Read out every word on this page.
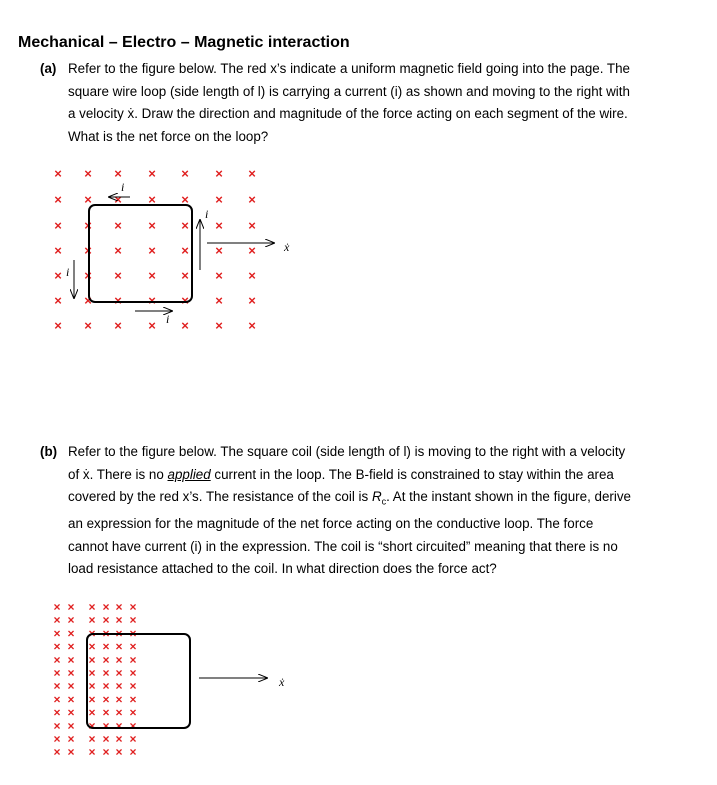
Mechanical – Electro – Magnetic interaction
(a) Refer to the figure below. The red x’s indicate a uniform magnetic field going into the page. The
square wire loop (side length of l) is carrying a current (i) as shown and moving to the right with
a velocity ẋ. Draw the direction and magnitude of the force acting on each segment of the wire.
What is the net force on the loop?
(b) Refer to the figure below. The square coil (side length of l) is moving to the right with a velocity
of ẋ. There is no applied current in the loop. The B-field is constrained to stay within the area
covered by the red x’s. The resistance of the coil is $R_c$. At the instant shown in the figure, derive
an expression for the magnitude of the net force acting on the conductive loop. The force
cannot have current (i) in the expression. The coil is “short circuited” meaning that there is no
load resistance attached to the coil. In what direction does the force act?
× × × × × × ×
× × × × × × ×
× × × × × × ×
× × × × × × ×
× × × × × × ×
× × × × × × ×
× × × × × × ×
i
i
i
i
ẋ
× × × × × ×
× × × × × ×
× × × × × ×
× × × × × ×
× × × × × ×
× × × × × ×
× × × × × ×
× × × × × ×
× × × × × ×
× × × × × ×
× × × × × ×
× × × × × ×
ẋ
